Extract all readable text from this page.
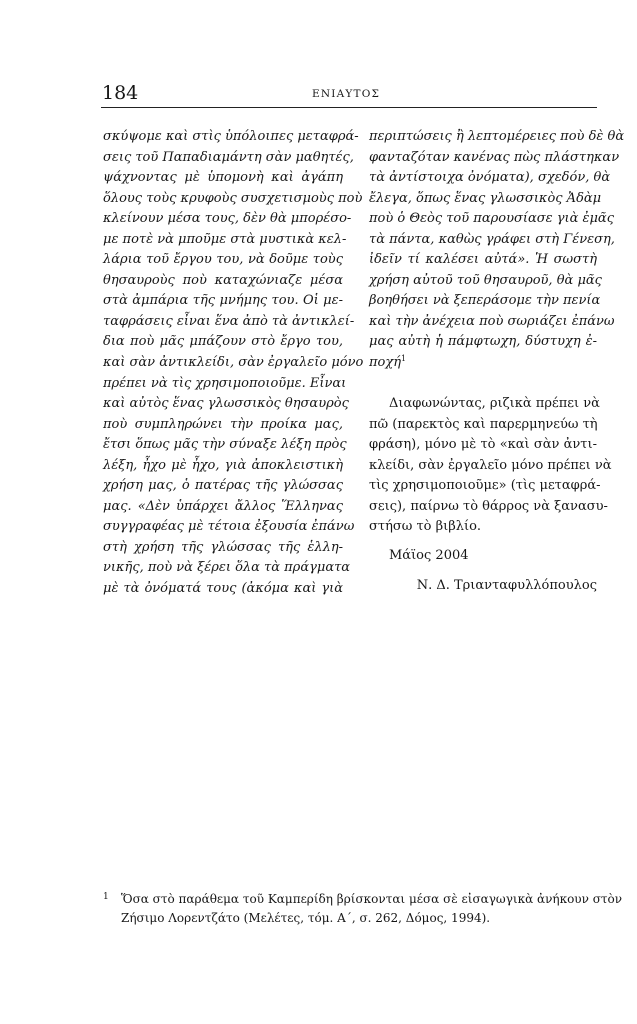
184	ΕΝΙΑΥΤΟΣ
σκύψομε καὶ στὶς ὑπόλοιπες μεταφρά-
σεις τοῦ Παπαδιαμάντη σὰν μαθητές,
ψάχνοντας μὲ ὑπομονὴ καὶ ἀγάπη
ὅλους τοὺς κρυφοὺς συσχετισμοὺς ποὺ
κλείνουν μέσα τους, δὲν θὰ μπορέσο-
με ποτὲ νὰ μποῦμε στὰ μυστικὰ κελ-
λάρια τοῦ ἔργου του, νὰ δοῦμε τοὺς
θησαυροὺς ποὺ καταχώνιαζε μέσα
στὰ ἀμπάρια τῆς μνήμης του. Οἱ με-
ταφράσεις εἶναι ἕνα ἀπὸ τὰ ἀντικλεί-
δια ποὺ μᾶς μπάζουν στὸ ἔργο του,
καὶ σὰν ἀντικλείδι, σὰν ἐργαλεῖο μόνο
πρέπει νὰ τὶς χρησιμοποιοῦμε. Εἶναι
καὶ αὐτὸς ἕνας γλωσσικὸς θησαυρὸς
ποὺ συμπληρώνει τὴν προίκα μας,
ἔτσι ὅπως μᾶς τὴν σύναξε λέξη πρὸς
λέξη, ἦχο μὲ ἦχο, γιὰ ἀποκλειστικὴ
χρήση μας, ὁ πατέρας τῆς γλώσσας
μας. «Δὲν ὑπάρχει ἄλλος Ἕλληνας
συγγραφέας μὲ τέτοια ἐξουσία ἐπάνω
στὴ χρήση τῆς γλώσσας τῆς ἑλλη-
νικῆς, ποὺ νὰ ξέρει ὅλα τὰ πράγματα
μὲ τὰ ὀνόματά τους (ἀκόμα καὶ γιὰ
περιπτώσεις ἢ λεπτομέρειες ποὺ δὲ θὰ
φανταζόταν κανένας πὼς πλάστηκαν
τὰ ἀντίστοιχα ὀνόματα), σχεδόν, θὰ
ἔλεγα, ὅπως ἕνας γλωσσικὸς Ἀδὰμ
ποὺ ὁ Θεὸς τοῦ παρουσίασε γιὰ ἐμᾶς
τὰ πάντα, καθὼς γράφει στὴ Γένεση,
ἰδεῖν τί καλέσει αὐτά». Ἡ σωστὴ
χρήση αὐτοῦ τοῦ θησαυροῦ, θὰ μᾶς
βοηθήσει νὰ ξεπεράσομε τὴν πενία
καὶ τὴν ἀνέχεια ποὺ σωριάζει ἐπάνω
μας αὐτὴ ἡ πάμφτωχη, δύστυχη ἐ-
ποχή$^1$
Διαφωνώντας, ριζικὰ πρέπει νὰ
πῶ (παρεκτὸς καὶ παρερμηνεύω τὴ
φράση), μόνο μὲ τὸ «καὶ σὰν ἀντι-
κλείδι, σὰν ἐργαλεῖο μόνο πρέπει νὰ
τὶς χρησιμοποιοῦμε» (τὶς μεταφρά-
σεις), παίρνω τὸ θάρρος νὰ ξανασυ-
στήσω τὸ βιβλίο.
Μάϊος 2004
Ν. Δ. Τριανταφυλλόπουλος
1	Ὅσα στὸ παράθεμα τοῦ Καμπερίδη βρίσκονται μέσα σὲ εἰσαγωγικὰ ἀνήκουν στὸν
Ζήσιμο Λορεντζάτο (Μελέτες, τόμ. Α΄, σ. 262, Δόμος, 1994).
